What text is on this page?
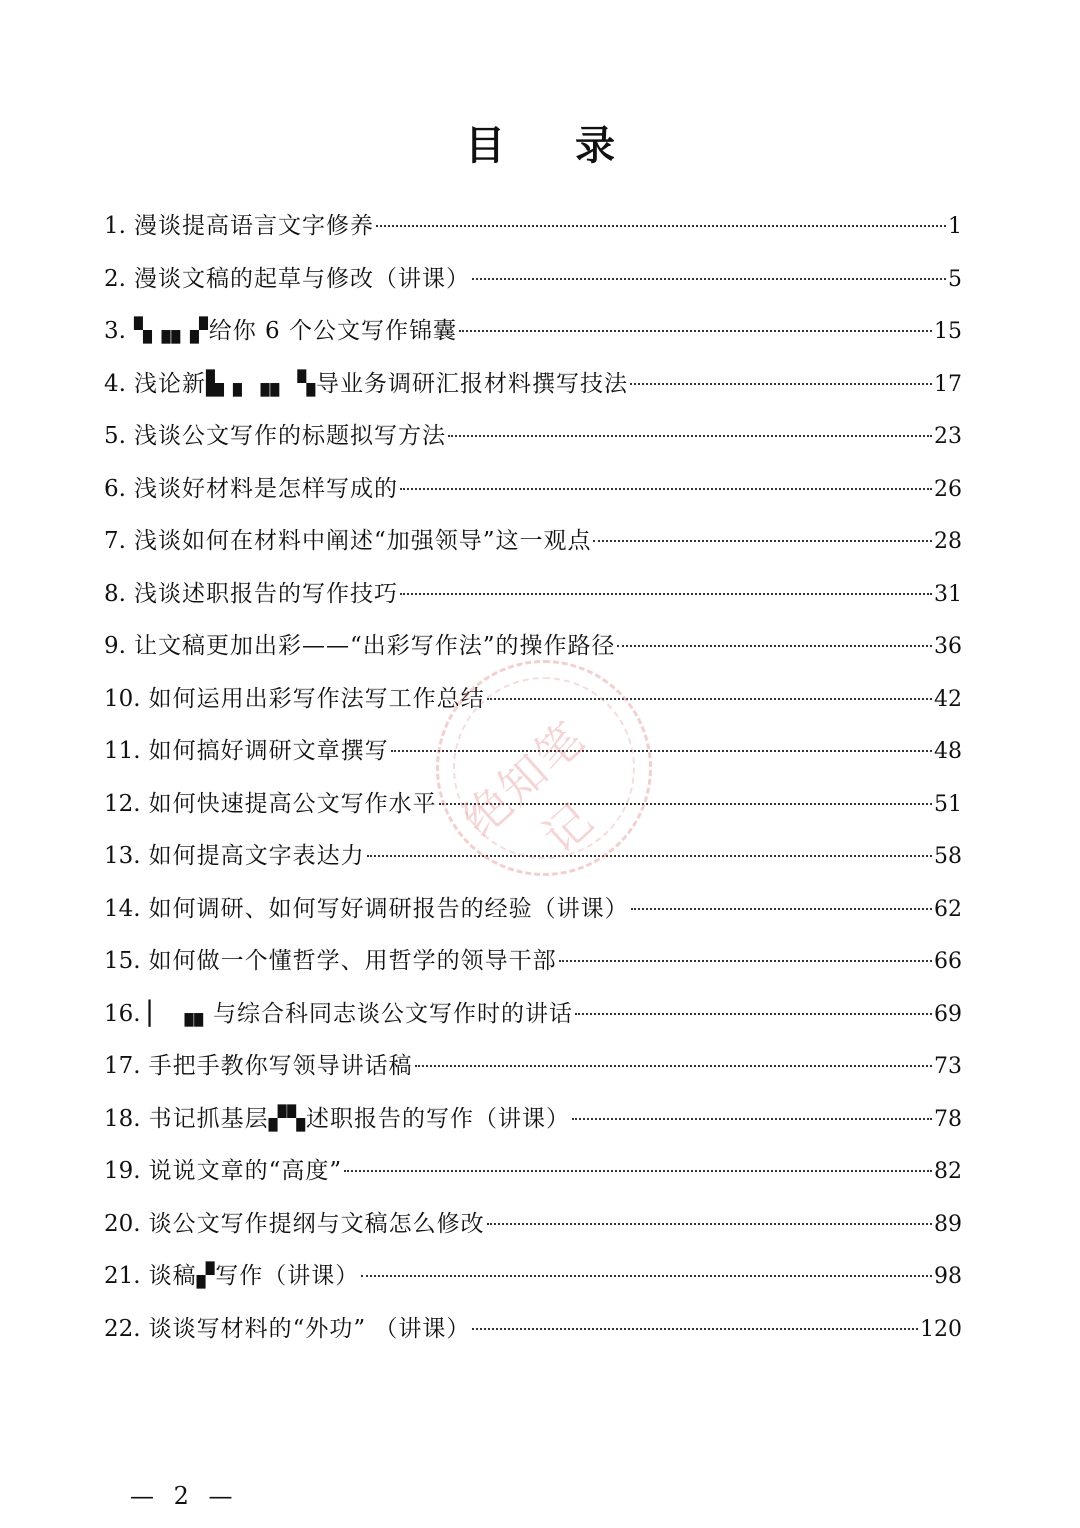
目 录
1. 漫谈提高语言文字修养	1
2. 漫谈文稿的起草与修改（讲课）	5
3. ▚▗▖▞给你 6 个公文写作锦囊	15
4. 浅论新▙ ▖▗▖ ▚导业务调研汇报材料撰写技法	17
5. 浅谈公文写作的标题拟写方法	23
6. 浅谈好材料是怎样写成的	26
7. 浅谈如何在材料中阐述“加强领导”这一观点	28
8. 浅谈述职报告的写作技巧	31
9. 让文稿更加出彩——“出彩写作法”的操作路径	36
10. 如何运用出彩写作法写工作总结	42
11. 如何搞好调研文章撰写	48
12. 如何快速提高公文写作水平	51
13. 如何提高文字表达力	58
14. 如何调研、如何写好调研报告的经验（讲课）	62
15. 如何做一个懂哲学、用哲学的领导干部	66
16. ▏ ▗▖与综合科同志谈公文写作时的讲话	69
17. 手把手教你写领导讲话稿	73
18. 书记抓基层▞▚述职报告的写作（讲课）	78
19. 说说文章的“高度”	82
20. 谈公文写作提纲与文稿怎么修改	89
21. 谈稿▞写作（讲课）	98
22. 谈谈写材料的“外功” （讲课）	120
绝知笔记
— 2 —
